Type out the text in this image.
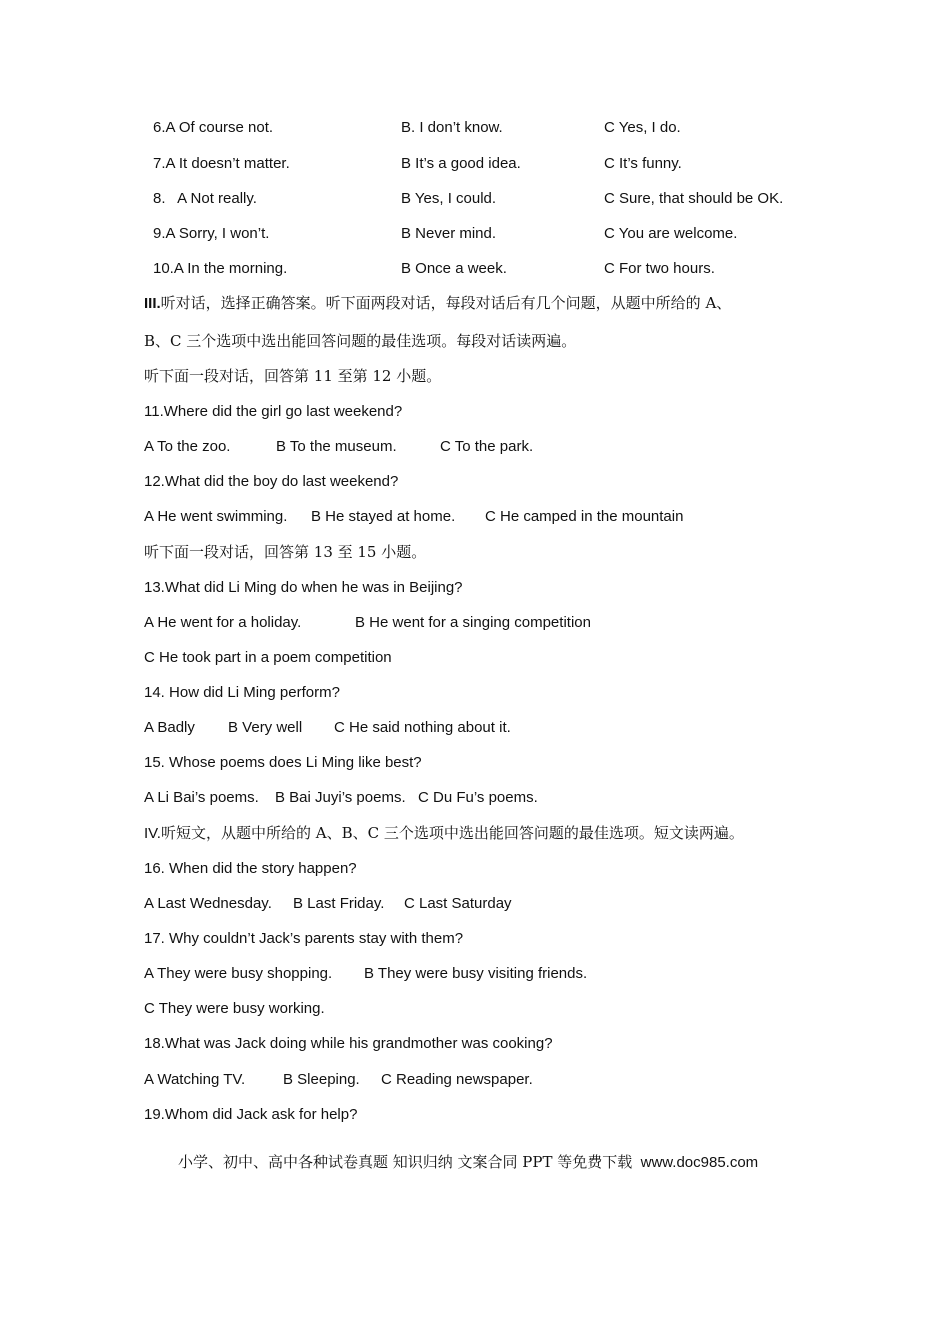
6.A Of course not.	B. I don’t know.	C Yes, I do.
7.A It doesn’t matter.	B It’s a good idea.	C It’s funny.
8.   A Not really.	B Yes, I could.	C Sure, that should be OK.
9.A Sorry, I won’t.	B Never mind.	C You are welcome.
10.A In the morning.	B Once a week.	C For two hours.
III.听对话，选择正确答案。听下面两段对话，每段对话后有几个问题，从题中所给的 A、
B、C 三个选项中选出能回答问题的最佳选项。每段对话读两遍。
听下面一段对话，回答第 11 至第 12 小题。
11.Where did the girl go last weekend?
A To the zoo.	B To the museum.	C To the park.
12.What did the boy do last weekend?
A He went swimming. B He stayed at home. C He camped in the mountain
听下面一段对话，回答第 13 至 15 小题。
13.What did Li Ming do when he was in Beijing?
A He went for a holiday.	B He went for a singing competition
C He took part in a poem competition
14. How did Li Ming perform?
A Badly B Very well C He said nothing about it.
15. Whose poems does Li Ming like best?
A Li Bai’s poems. B Bai Juyi’s poems. C Du Fu’s poems.
IV.听短文，从题中所给的 A、B、C 三个选项中选出能回答问题的最佳选项。短文读两遍。
16. When did the story happen?
A Last Wednesday. B Last Friday. C Last Saturday
17. Why couldn’t Jack’s parents stay with them?
A They were busy shopping. B They were busy visiting friends.
C They were busy working.
18.What was Jack doing while his grandmother was cooking?
A Watching TV.	B Sleeping. C Reading newspaper.
19.Whom did Jack ask for help?
小学、初中、高中各种试卷真题 知识归纳 文案合同 PPT 等免费下载 www.doc985.com
